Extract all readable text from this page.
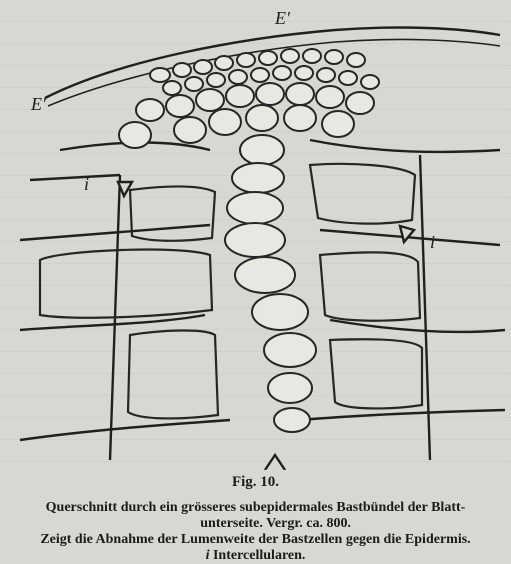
E'
E'
i
i
Fig. 10.
Querschnitt durch ein grösseres subepidermales Bastbündel der Blatt-
unterseite. Vergr. ca. 800.
Zeigt die Abnahme der Lumenweite der Bastzellen gegen die Epidermis.
i Intercellularen.
